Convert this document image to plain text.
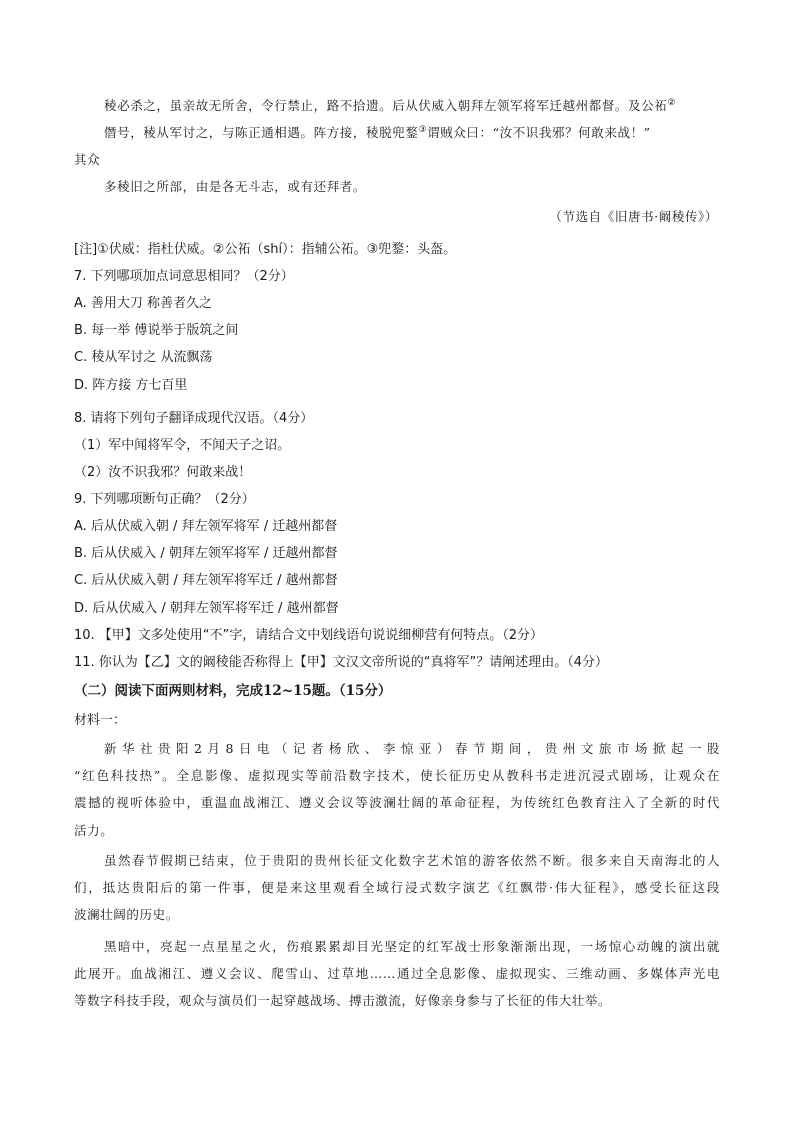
稜必杀之，虽亲故无所舍，令行禁止，路不拾遗。后从伏威入朝拜左领军将军迁越州都督。及公祏②
僭号，稜从军讨之，与陈正通相遇。阵方接，稜脱兜鍪③谓贼众曰：“汝不识我邪？何敢来战！”
其众
多稜旧之所部，由是各无斗志，或有还拜者。
（节选自《旧唐书·阚稜传》）
[注]①伏威：指杜伏威。②公祏（shí）：指辅公祏。③兜鍪：头盔。
7. 下列哪项加点词意思相同？（2分）
A. 善用大刀 称善者久之
B. 每一举 傅说举于版筑之间
C. 稜从军讨之 从流飘荡
D. 阵方接 方七百里
8. 请将下列句子翻译成现代汉语。（4分）
（1）军中闻将军令，不闻天子之诏。
（2）汝不识我邪？何敢来战！
9. 下列哪项断句正确？（2分）
A. 后从伏威入朝 / 拜左领军将军 / 迁越州都督
B. 后从伏威入 / 朝拜左领军将军 / 迁越州都督
C. 后从伏威入朝 / 拜左领军将军迁 / 越州都督
D. 后从伏威入 / 朝拜左领军将军迁 / 越州都督
10. 【甲】文多处使用“不”字，请结合文中划线语句说说细柳营有何特点。（2分）
11. 你认为【乙】文的阚稜能否称得上【甲】文汉文帝所说的“真将军”？请阐述理由。（4分）
（二）阅读下面两则材料，完成12~15题。（15分）
材料一：
新华社贵阳2月8日电（记者杨欣、李惊亚）春节期间，贵州文旅市场掀起一股
“红色科技热”。全息影像、虚拟现实等前沿数字技术，使长征历史从教科书走进沉浸式剧场，让观众在
震撼的视听体验中，重温血战湘江、遵义会议等波澜壮阔的革命征程，为传统红色教育注入了全新的时代
活力。
虽然春节假期已结束，位于贵阳的贵州长征文化数字艺术馆的游客依然不断。很多来自天南海北的人
们，抵达贵阳后的第一件事，便是来这里观看全域行浸式数字演艺《红飘带·伟大征程》，感受长征这段
波澜壮阔的历史。
黑暗中，亮起一点星星之火，伤痕累累却目光坚定的红军战士形象渐渐出现，一场惊心动魄的演出就
此展开。血战湘江、遵义会议、爬雪山、过草地……通过全息影像、虚拟现实、三维动画、多媒体声光电
等数字科技手段，观众与演员们一起穿越战场、搏击激流，好像亲身参与了长征的伟大壮举。
